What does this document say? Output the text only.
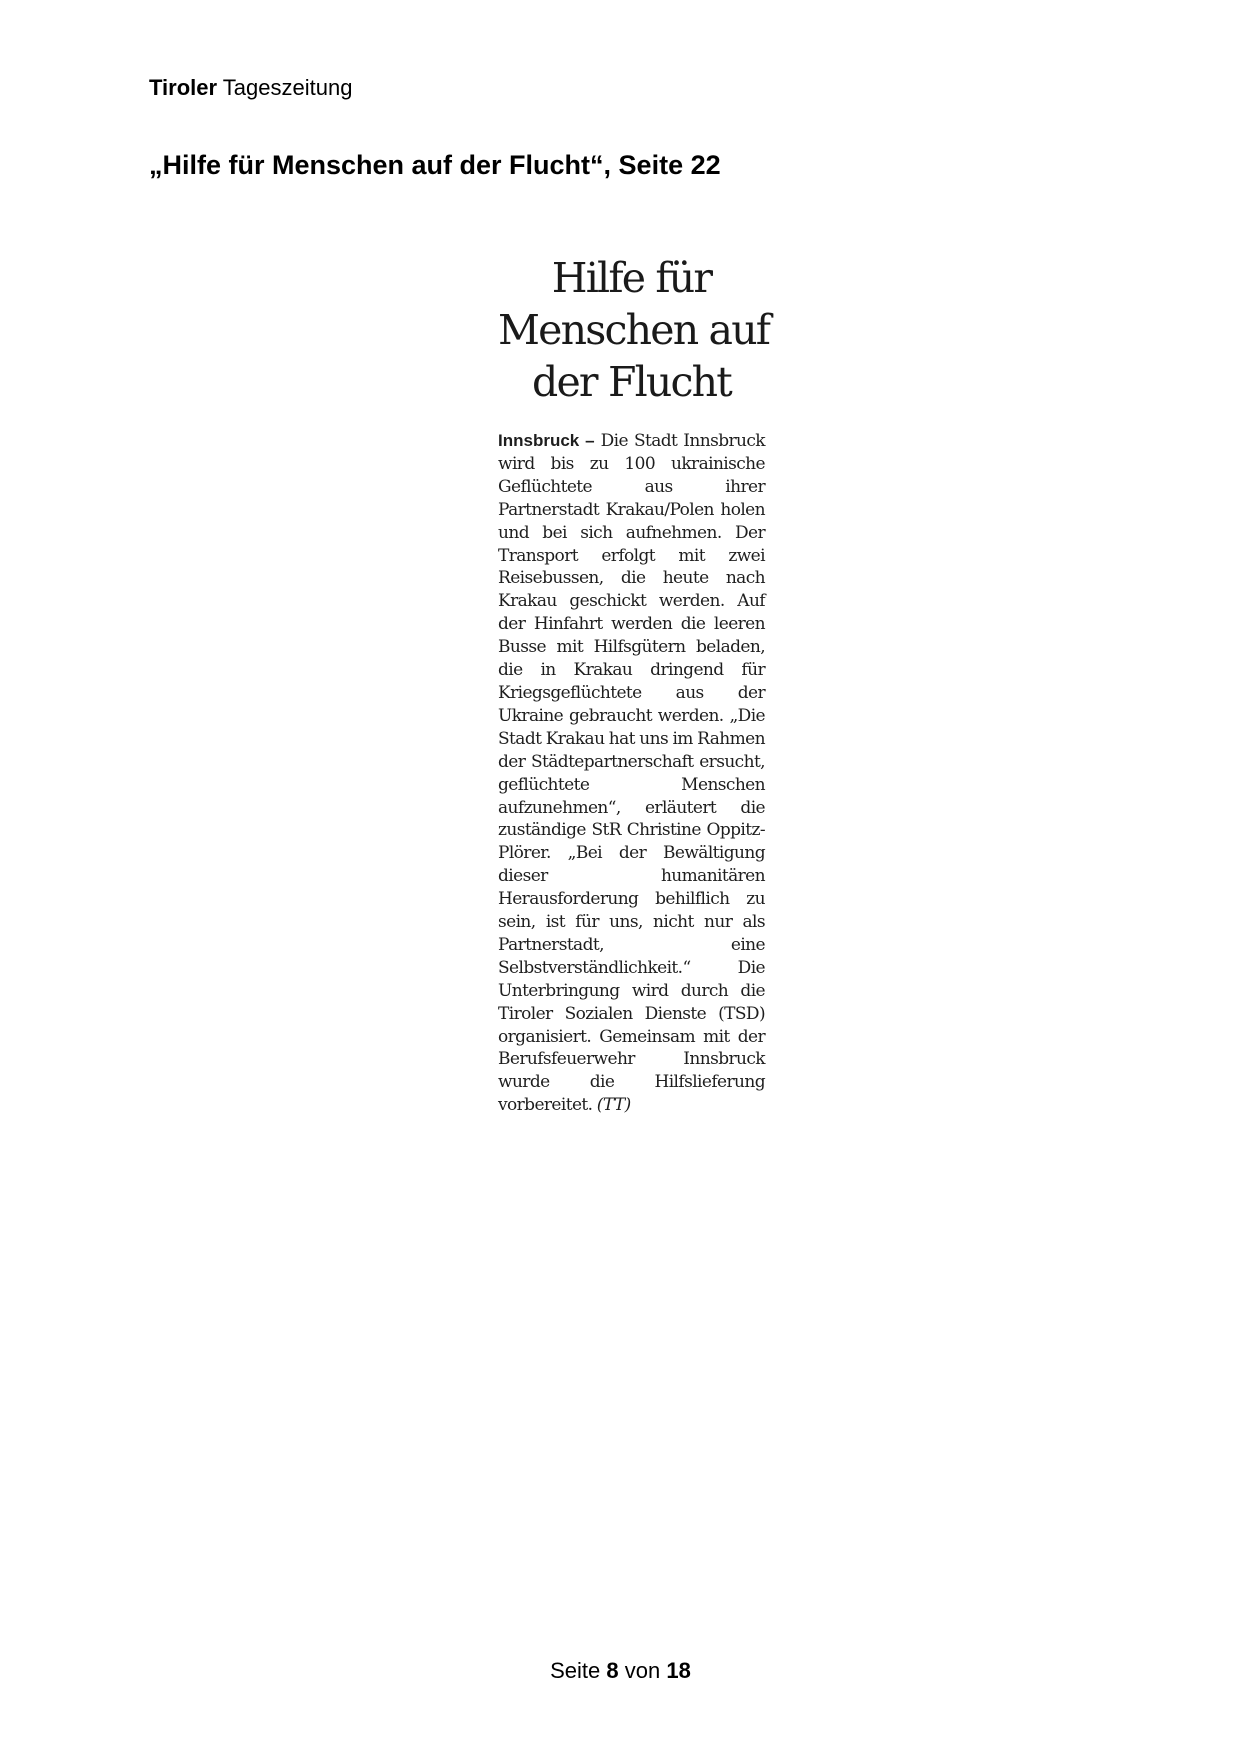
Tiroler Tageszeitung
„Hilfe für Menschen auf der Flucht“, Seite 22
Hilfe für
Menschen auf
der Flucht

Innsbruck – Die Stadt Innsbruck wird bis zu 100 ukrainische Geflüchtete aus ihrer Partnerstadt Krakau/Polen holen und bei sich aufnehmen. Der Transport erfolgt mit zwei Reisebussen, die heute nach Krakau geschickt werden. Auf der Hinfahrt werden die leeren Busse mit Hilfsgütern beladen, die in Krakau dringend für Kriegsgeflüchtete aus der Ukraine gebraucht werden. „Die Stadt Krakau hat uns im Rahmen der Städtepartnerschaft ersucht, geflüchtete Menschen aufzunehmen“, erläutert die zuständige StR Christine Oppitz-Plörer. „Bei der Bewältigung dieser humanitären Herausforderung behilflich zu sein, ist für uns, nicht nur als Partnerstadt, eine Selbstverständlichkeit.“ Die Unterbringung wird durch die Tiroler Sozialen Dienste (TSD) organisiert. Gemeinsam mit der Berufsfeuerwehr Innsbruck wurde die Hilfslieferung vorbereitet. (TT)

Seite 8 von 18
